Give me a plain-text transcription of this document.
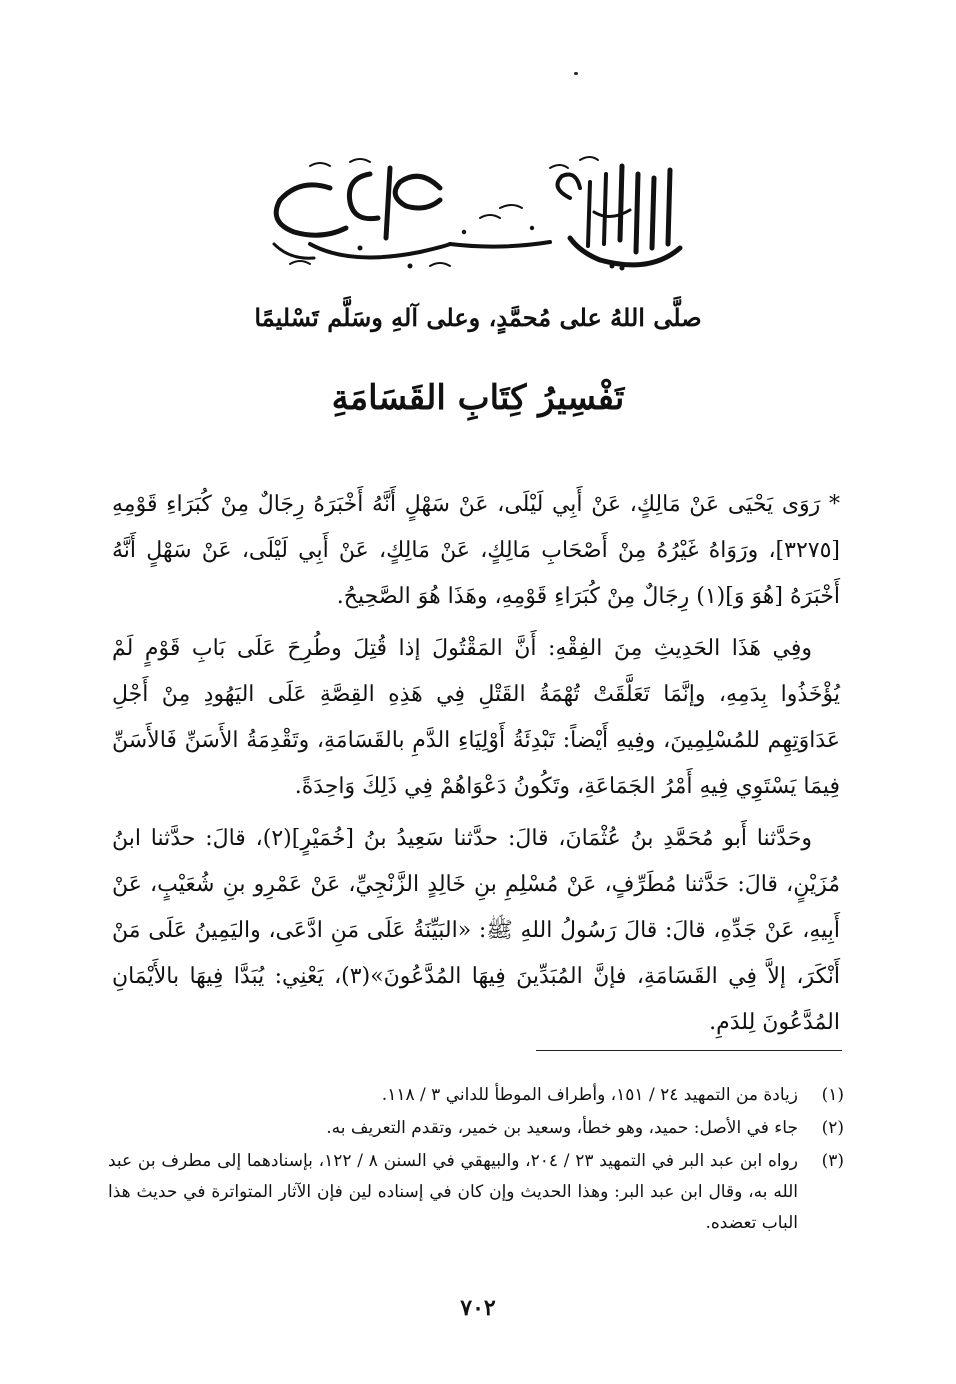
صلَّى اللهُ على مُحمَّدٍ، وعلى آلهِ وسَلَّم تَسْليمًا
تَفْسِيرُ كِتَابِ القَسَامَةِ

* رَوَى يَحْيَى عَنْ مَالِكٍ، عَنْ أَبِي لَيْلَى، عَنْ سَهْلٍ أَنَّهُ أَخْبَرَهُ رِجَالٌ مِنْ كُبَرَاءِ قَوْمِهِ [٣٢٧٥]، ورَوَاهُ غَيْرُهُ مِنْ أَصْحَابِ مَالِكٍ، عَنْ مَالِكٍ، عَنْ أَبِي لَيْلَى، عَنْ سَهْلٍ أَنَّهُ أَخْبَرَهُ [هُوَ وَ](١) رِجَالٌ مِنْ كُبَرَاءِ قَوْمِهِ، وهَذَا هُوَ الصَّحِيحُ.

وفِي هَذَا الحَدِيثِ مِنَ الفِقْهِ: أَنَّ المَقْتُولَ إذا قُتِلَ وطُرِحَ عَلَى بَابِ قَوْمٍ لَمْ يُؤْخَذُوا بِدَمِهِ، وإنَّمَا تَعَلَّقَتْ تُهْمَةُ القَتْلِ فِي هَذِهِ القِصَّةِ عَلَى اليَهُودِ مِنْ أَجْلِ عَدَاوَتِهِم للمُسْلِمِينَ، وفِيهِ أَيْضاً: تَبْدِئَةُ أَوْلِيَاءِ الدَّمِ بالقَسَامَةِ، وتَقْدِمَةُ الأَسَنِّ فَالأَسَنِّ فِيمَا يَسْتَوِي فِيهِ أَمْرُ الجَمَاعَةِ، وتَكُونُ دَعْوَاهُمْ فِي ذَلِكَ وَاحِدَةً.

وحَدَّثنا أَبو مُحَمَّدِ بنُ عُثْمَانَ، قالَ: حدَّثنا سَعِيدُ بنُ [خُمَيْرٍ](٢)، قالَ: حدَّثنا ابنُ مُزَيْنٍ، قالَ: حَدَّثنا مُطَرِّفٍ، عَنْ مُسْلِمِ بنِ خَالِدٍ الزَّنْجِيِّ، عَنْ عَمْرِو بنِ شُعَيْبٍ، عَنْ أَبِيهِ، عَنْ جَدِّهِ، قالَ: قالَ رَسُولُ اللهِ ﷺ: «البَيِّنَةُ عَلَى مَنِ ادَّعَى، واليَمِينُ عَلَى مَنْ أَنْكَرَ، إلاَّ فِي القَسَامَةِ، فإنَّ المُبَدِّينَ فِيهَا المُدَّعُونَ»(٣)، يَعْنِي: يُبَدَّا فِيهَا بالأَيْمَانِ المُدَّعُونَ لِلدَمِ.

(١)
زيادة من التمهيد ٢٤ / ١٥١، وأطراف الموطأ للداني ٣ / ١١٨.
(٢)
جاء في الأصل: حميد، وهو خطأ، وسعيد بن خمير، وتقدم التعريف به.
(٣)
رواه ابن عبد البر في التمهيد ٢٣ / ٢٠٤، والبيهقي في السنن ٨ / ١٢٢، بإسنادهما إلى مطرف بن عبد الله به، وقال ابن عبد البر: وهذا الحديث وإن كان في إسناده لين فإن الآثار المتواترة في حديث هذا الباب تعضده.
٧٠٢
